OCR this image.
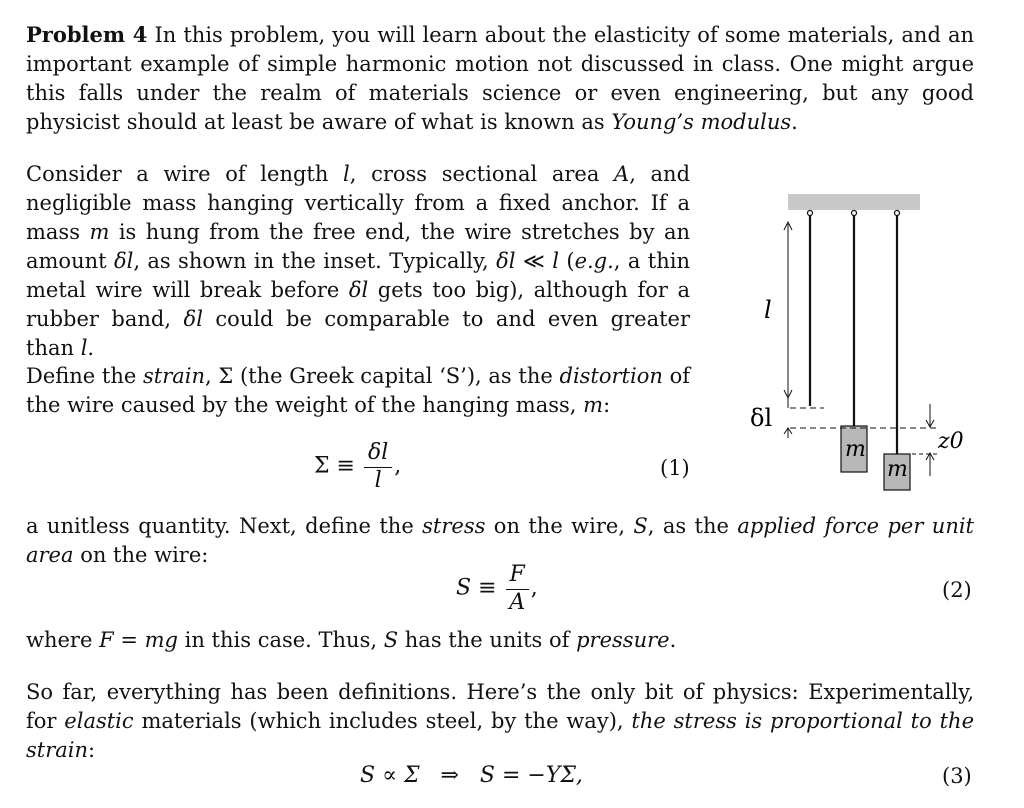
Problem 4 In this problem, you will learn about the elasticity of some materials, and an important example of simple harmonic motion not discussed in class. One might argue this falls under the realm of materials science or even engineering, but any good physicist should at least be aware of what is known as Young’s modulus.
Consider a wire of length l, cross sectional area A, and negligible mass hanging vertically from a fixed anchor. If a mass m is hung from the free end, the wire stretches by an amount δl, as shown in the inset. Typically, δl ≪ l (e.g., a thin metal wire will break before δl gets too big), although for a rubber band, δl could be comparable to and even greater than l.
Define the strain, Σ (the Greek capital ‘S’), as the distortion of the wire caused by the weight of the hanging mass, m:
$\Sigma \equiv \frac{\delta l}{l}$ ,	(1)
a unitless quantity. Next, define the stress on the wire, S, as the applied force per unit area on the wire:
$S \equiv \frac{F}{A}$ ,	(2)
where F = mg in this case. Thus, S has the units of pressure.
So far, everything has been definitions. Here’s the only bit of physics: Experimentally, for elastic materials (which includes steel, by the way), the stress is proportional to the strain:
S ∝ Σ   ⇒   S = −YΣ,	(3)
l
δl
m
m
z0
